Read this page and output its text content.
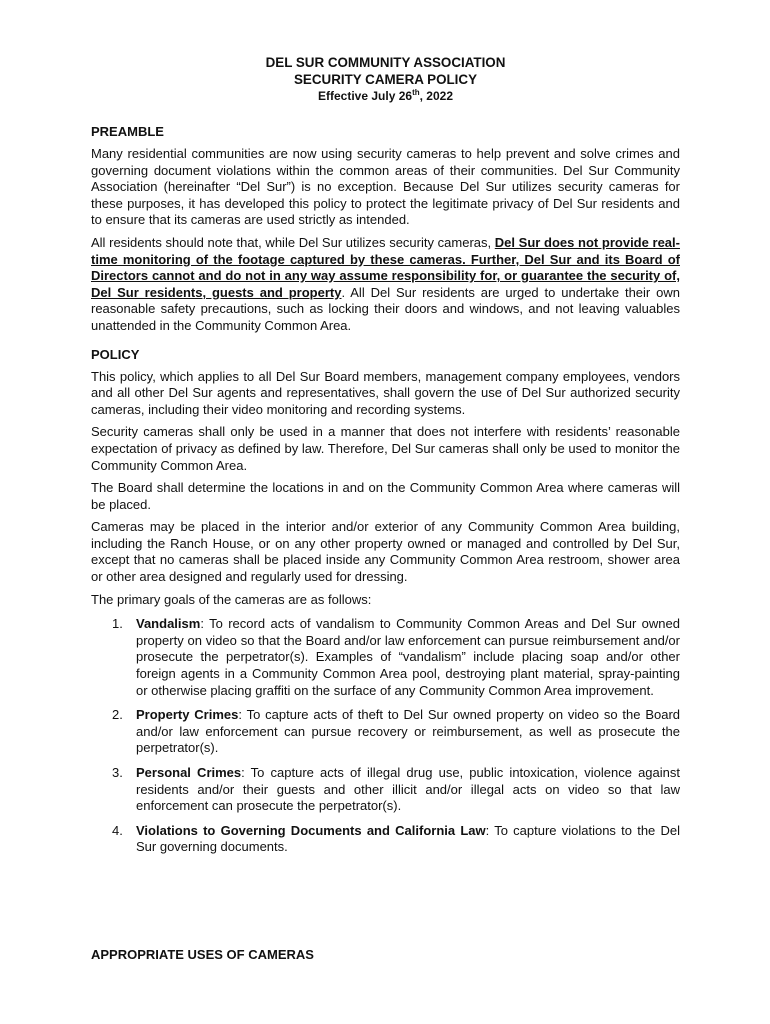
DEL SUR COMMUNITY ASSOCIATION

SECURITY CAMERA POLICY

Effective July 26th, 2022

PREAMBLE

Many residential communities are now using security cameras to help prevent and solve crimes and governing document violations within the common areas of their communities. Del Sur Community Association (hereinafter “Del Sur”) is no exception. Because Del Sur utilizes security cameras for these purposes, it has developed this policy to protect the legitimate privacy of Del Sur residents and to ensure that its cameras are used strictly as intended.

All residents should note that, while Del Sur utilizes security cameras, Del Sur does not provide real-time monitoring of the footage captured by these cameras. Further, Del Sur and its Board of Directors cannot and do not in any way assume responsibility for, or guarantee the security of, Del Sur residents, guests and property. All Del Sur residents are urged to undertake their own reasonable safety precautions, such as locking their doors and windows, and not leaving valuables unattended in the Community Common Area.

POLICY

This policy, which applies to all Del Sur Board members, management company employees, vendors and all other Del Sur agents and representatives, shall govern the use of Del Sur authorized security cameras, including their video monitoring and recording systems.

Security cameras shall only be used in a manner that does not interfere with residents’ reasonable expectation of privacy as defined by law. Therefore, Del Sur cameras shall only be used to monitor the Community Common Area.

The Board shall determine the locations in and on the Community Common Area where cameras will be placed.

Cameras may be placed in the interior and/or exterior of any Community Common Area building, including the Ranch House, or on any other property owned or managed and controlled by Del Sur, except that no cameras shall be placed inside any Community Common Area restroom, shower area or other area designed and regularly used for dressing.

The primary goals of the cameras are as follows:

1. Vandalism: To record acts of vandalism to Community Common Areas and Del Sur owned property on video so that the Board and/or law enforcement can pursue reimbursement and/or prosecute the perpetrator(s). Examples of “vandalism” include placing soap and/or other foreign agents in a Community Common Area pool, destroying plant material, spray-painting or otherwise placing graffiti on the surface of any Community Common Area improvement.
2. Property Crimes: To capture acts of theft to Del Sur owned property on video so the Board and/or law enforcement can pursue recovery or reimbursement, as well as prosecute the perpetrator(s).
3. Personal Crimes: To capture acts of illegal drug use, public intoxication, violence against residents and/or their guests and other illicit and/or illegal acts on video so that law enforcement can prosecute the perpetrator(s).
4. Violations to Governing Documents and California Law: To capture violations to the Del Sur governing documents.
APPROPRIATE USES OF CAMERAS
